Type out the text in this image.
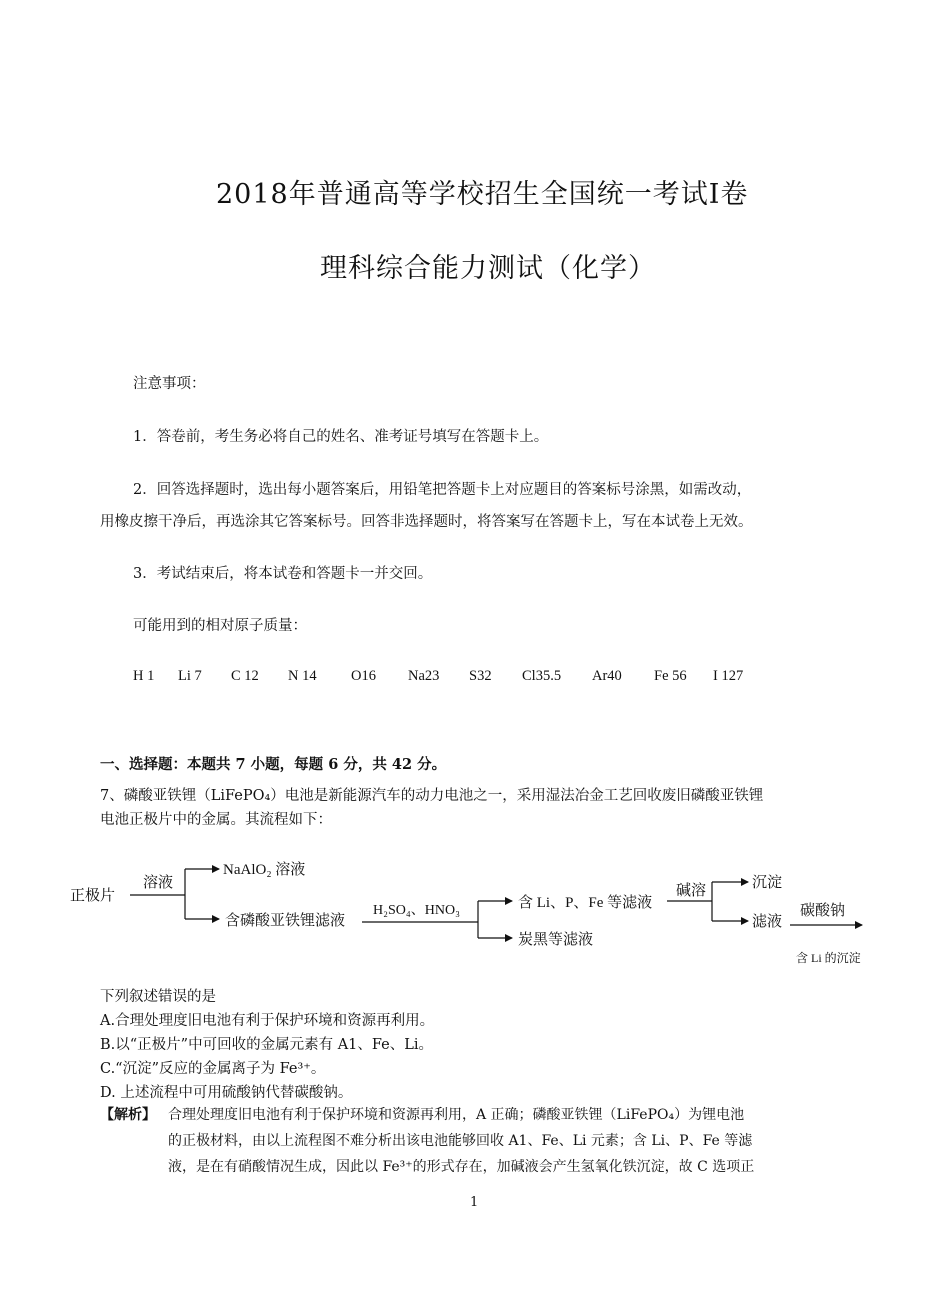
2018年普通高等学校招生全国统一考试I卷
理科综合能力测试（化学）
注意事项：
1．答卷前，考生务必将自己的姓名、准考证号填写在答题卡上。
2．回答选择题时，选出每小题答案后，用铅笔把答题卡上对应题目的答案标号涂黑，如需改动，
用橡皮擦干净后，再选涂其它答案标号。回答非选择题时，将答案写在答题卡上，写在本试卷上无效。
3．考试结束后，将本试卷和答题卡一并交回。
可能用到的相对原子质量：
H 1 Li 7 C 12 N 14 O16 Na23 S32 Cl35.5 Ar40 Fe 56 I 127
一、选择题：本题共 7 小题，每题 6 分，共 42 分。
7、磷酸亚铁锂（LiFePO₄）电池是新能源汽车的动力电池之一，采用湿法冶金工艺回收废旧磷酸亚铁锂
电池正极片中的金属。其流程如下：
正极片
溶液
NaAlO₂ 溶液
含磷酸亚铁锂滤液
H₂SO₄、HNO₃	含 Li、P、Fe 等滤液
炭黑等滤液
碱溶	沉淀
滤液
碳酸钠
含 Li 的沉淀
下列叙述错误的是
A.合理处理度旧电池有利于保护环境和资源再利用。
B.以“正极片”中可回收的金属元素有 A1、Fe、Li。
C.“沉淀”反应的金属离子为 Fe³⁺。
D. 上述流程中可用硫酸钠代替碳酸钠。
【解析】 合理处理度旧电池有利于保护环境和资源再利用，A 正确；磷酸亚铁锂（LiFePO₄）为锂电池
的正极材料，由以上流程图不难分析出该电池能够回收 A1、Fe、Li 元素；含 Li、P、Fe 等滤
液，是在有硝酸情况生成，因此以 Fe³⁺的形式存在，加碱液会产生氢氧化铁沉淀，故 C 选项正
1
